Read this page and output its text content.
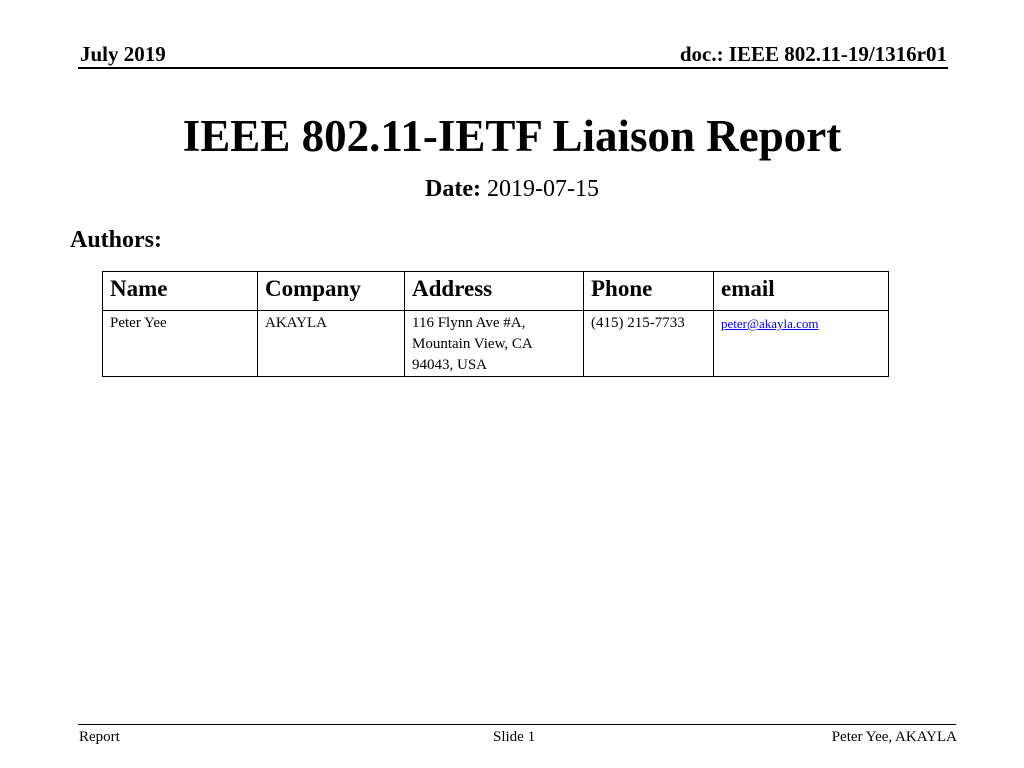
July 2019	doc.: IEEE 802.11-19/1316r01
IEEE 802.11-IETF Liaison Report
Date: 2019-07-15
Authors:
Name	Company	Address	Phone	email
Peter Yee	AKAYLA	116 Flynn Ave #A, Mountain View, CA 94043, USA	(415) 215-7733	peter@akayla.com
Report	Slide 1	Peter Yee, AKAYLA
